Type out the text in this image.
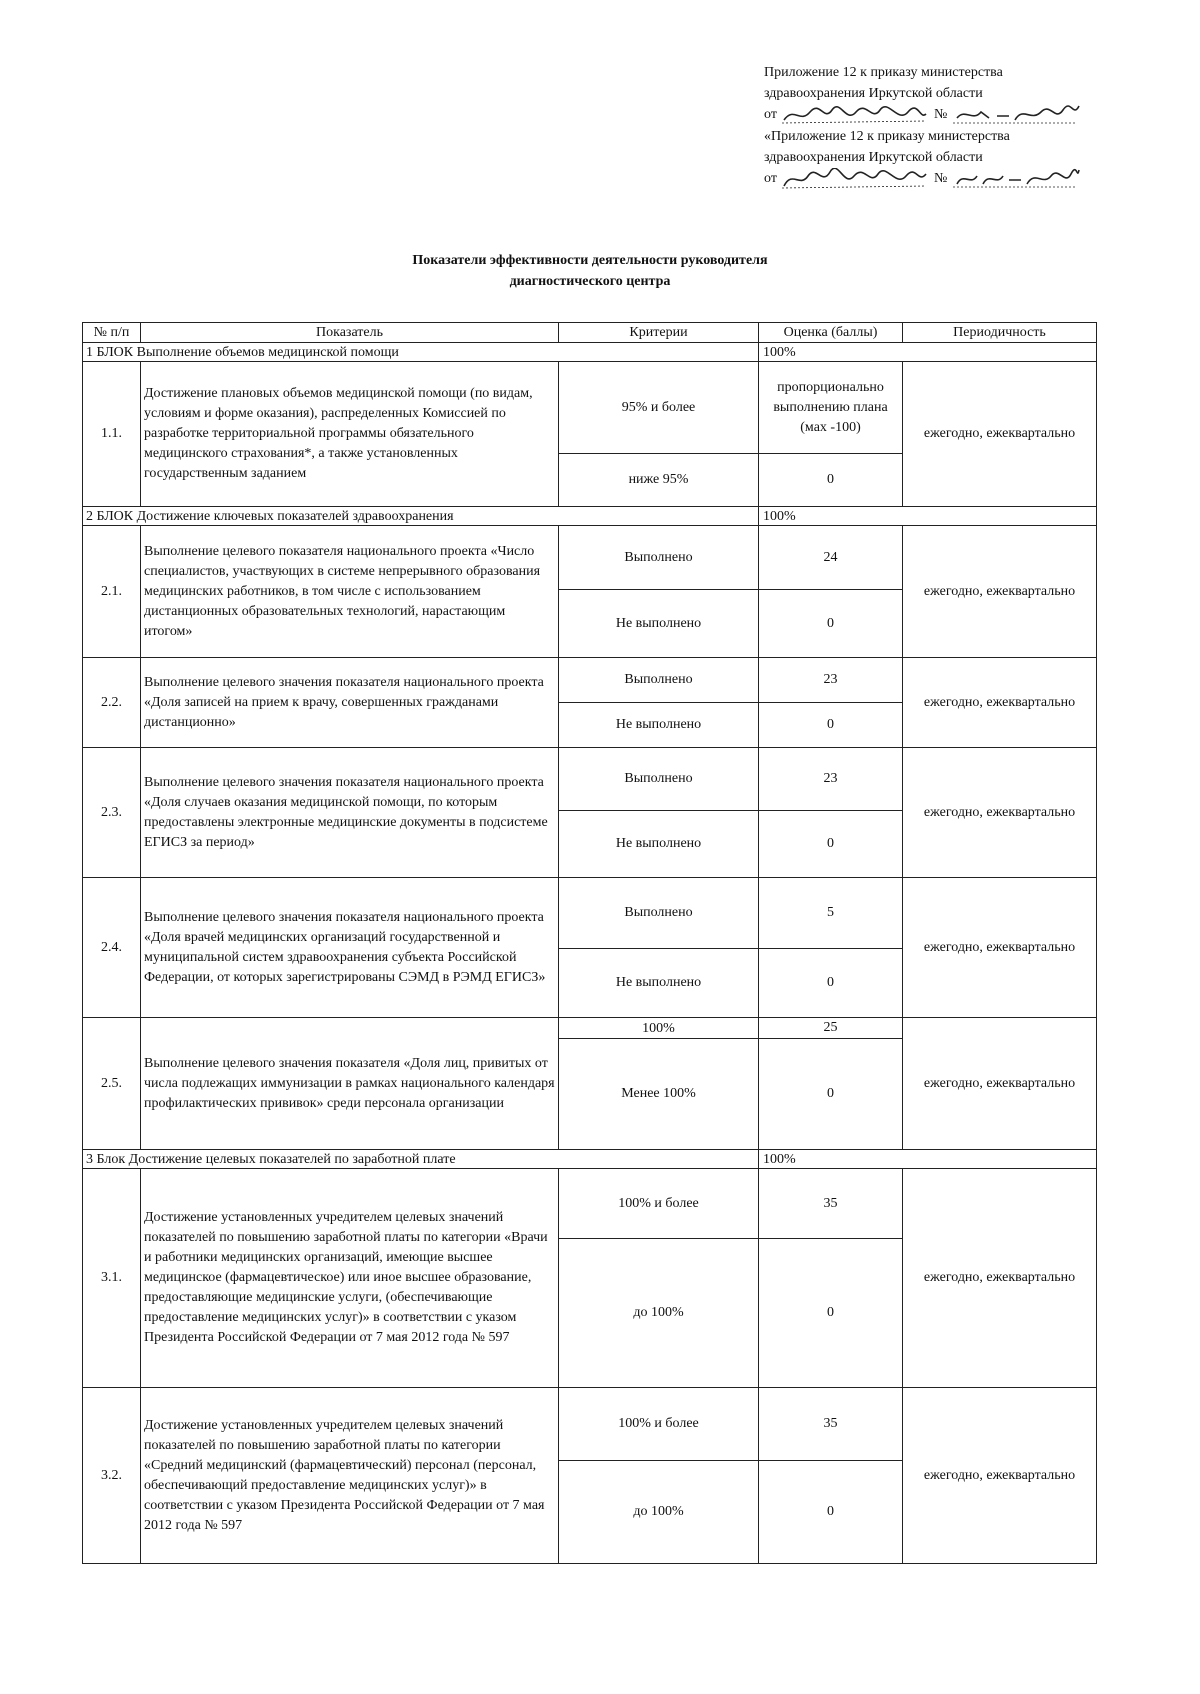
Приложение 12 к приказу министерства
здравоохранения Иркутской области
от	№
«Приложение 12 к приказу министерства
здравоохранения Иркутской области
от	№
Показатели эффективности деятельности руководителя
диагностического центра
№ п/п	Показатель	Критерии	Оценка (баллы)	Периодичность
1 БЛОК Выполнение объемов медицинской помощи			100%	
1.1.	Достижение плановых объемов медицинской помощи (по видам, условиям и форме оказания), распределенных Комиссией по разработке территориальной программы обязательного медицинского страхования*, а также установленных государственным заданием	95% и более	пропорционально выполнению плана (мах -100)	ежегодно, ежеквартально
		ниже 95%	0	
2 БЛОК Достижение ключевых показателей здравоохранения			100%	
2.1.	Выполнение целевого показателя национального проекта «Число специалистов, участвующих в системе непрерывного образования медицинских работников, в том числе с использованием дистанционных образовательных технологий, нарастающим итогом»	Выполнено	24	ежегодно, ежеквартально
		Не выполнено	0	
2.2.	Выполнение целевого значения показателя национального проекта «Доля записей на прием к врачу, совершенных гражданами дистанционно»	Выполнено	23	ежегодно, ежеквартально
		Не выполнено	0	
2.3.	Выполнение целевого значения показателя национального проекта «Доля случаев оказания медицинской помощи, по которым предоставлены электронные медицинские документы в подсистеме ЕГИСЗ за период»	Выполнено	23	ежегодно, ежеквартально
		Не выполнено	0	
2.4.	Выполнение целевого значения показателя национального проекта «Доля врачей медицинских организаций государственной и муниципальной систем здравоохранения субъекта Российской Федерации, от которых зарегистрированы СЭМД в РЭМД ЕГИСЗ»	Выполнено	5	ежегодно, ежеквартально
		Не выполнено	0	
2.5.	Выполнение целевого значения показателя «Доля лиц, привитых от числа подлежащих иммунизации в рамках национального календаря профилактических прививок» среди персонала организации	100%	25	ежегодно, ежеквартально
		Менее 100%	0	
3 Блок Достижение целевых показателей по заработной плате			100%	
3.1.	Достижение установленных учредителем целевых значений показателей по повышению заработной платы по категории «Врачи и работники медицинских организаций, имеющие высшее медицинское (фармацевтическое) или иное высшее образование, предоставляющие медицинские услуги, (обеспечивающие предоставление медицинских услуг)» в соответствии с указом Президента Российской Федерации от 7 мая 2012 года № 597	100% и более	35	ежегодно, ежеквартально
		до 100%	0	
3.2.	Достижение установленных учредителем целевых значений показателей по повышению заработной платы по категории «Средний медицинский (фармацевтический) персонал (персонал, обеспечивающий предоставление медицинских услуг)» в соответствии с указом Президента Российской Федерации от 7 мая 2012 года № 597	100% и более	35	ежегодно, ежеквартально
		до 100%	0	
